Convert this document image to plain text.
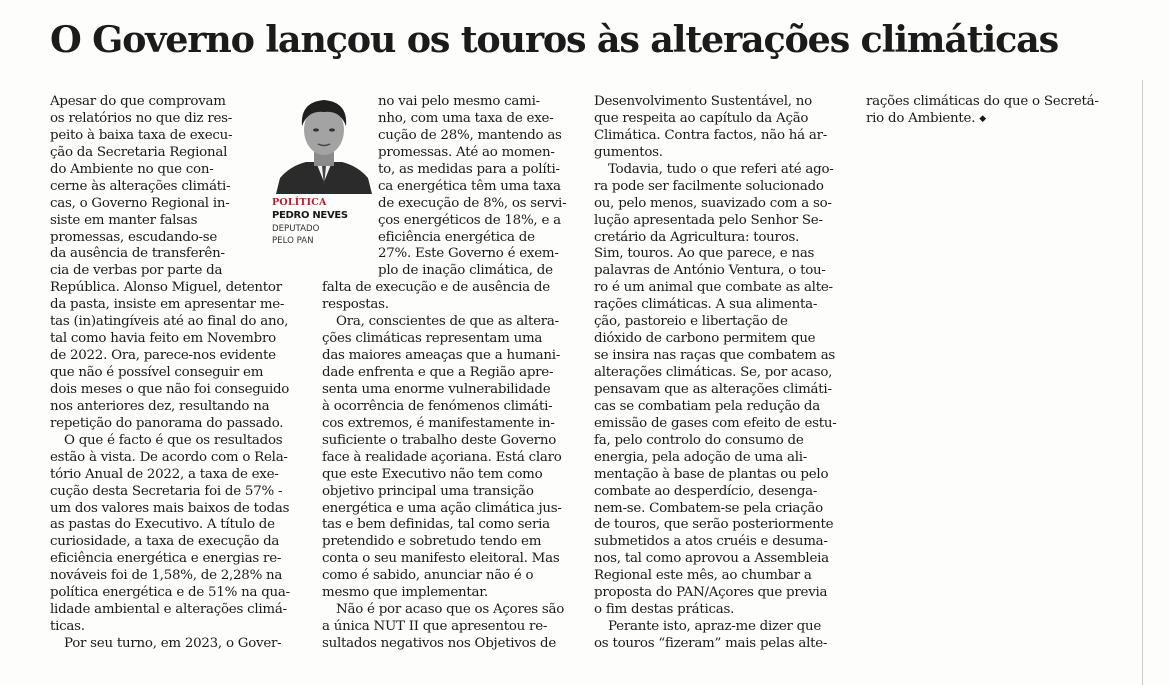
O Governo lançou os touros às alterações climáticas
POLÍTICA
PEDRO NEVES
DEPUTADO
PELO PAN
Apesar do que comprovam
os relatórios no que diz res-
peito à baixa taxa de execu-
ção da Secretaria Regional
do Ambiente no que con-
cerne às alterações climáti-
cas, o Governo Regional in-
siste em manter falsas
promessas, escudando-se
da ausência de transferên-
cia de verbas por parte da
República. Alonso Miguel, detentor
da pasta, insiste em apresentar me-
tas (in)atingíveis até ao final do ano,
tal como havia feito em Novembro
de 2022. Ora, parece-nos evidente
que não é possível conseguir em
dois meses o que não foi conseguido
nos anteriores dez, resultando na
repetição do panorama do passado.
O que é facto é que os resultados
estão à vista. De acordo com o Rela-
tório Anual de 2022, a taxa de exe-
cução desta Secretaria foi de 57% -
um dos valores mais baixos de todas
as pastas do Executivo. A título de
curiosidade, a taxa de execução da
eficiência energética e energias re-
nováveis foi de 1,58%, de 2,28% na
política energética e de 51% na qua-
lidade ambiental e alterações climá-
ticas.
Por seu turno, em 2023, o Gover-
no vai pelo mesmo cami-
nho, com uma taxa de exe-
cução de 28%, mantendo as
promessas. Até ao momen-
to, as medidas para a políti-
ca energética têm uma taxa
de execução de 8%, os servi-
ços energéticos de 18%, e a
eficiência energética de
27%. Este Governo é exem-
plo de inação climática, de
falta de execução e de ausência de
respostas.
Ora, conscientes de que as altera-
ções climáticas representam uma
das maiores ameaças que a humani-
dade enfrenta e que a Região apre-
senta uma enorme vulnerabilidade
à ocorrência de fenómenos climáti-
cos extremos, é manifestamente in-
suficiente o trabalho deste Governo
face à realidade açoriana. Está claro
que este Executivo não tem como
objetivo principal uma transição
energética e uma ação climática jus-
tas e bem definidas, tal como seria
pretendido e sobretudo tendo em
conta o seu manifesto eleitoral. Mas
como é sabido, anunciar não é o
mesmo que implementar.
Não é por acaso que os Açores são
a única NUT II que apresentou re-
sultados negativos nos Objetivos de
Desenvolvimento Sustentável, no
que respeita ao capítulo da Ação
Climática. Contra factos, não há ar-
gumentos.
Todavia, tudo o que referi até ago-
ra pode ser facilmente solucionado
ou, pelo menos, suavizado com a so-
lução apresentada pelo Senhor Se-
cretário da Agricultura: touros.
Sim, touros. Ao que parece, e nas
palavras de António Ventura, o tou-
ro é um animal que combate as alte-
rações climáticas. A sua alimenta-
ção, pastoreio e libertação de
dióxido de carbono permitem que
se insira nas raças que combatem as
alterações climáticas. Se, por acaso,
pensavam que as alterações climáti-
cas se combatiam pela redução da
emissão de gases com efeito de estu-
fa, pelo controlo do consumo de
energia, pela adoção de uma ali-
mentação à base de plantas ou pelo
combate ao desperdício, desenga-
nem-se. Combatem-se pela criação
de touros, que serão posteriormente
submetidos a atos cruéis e desuma-
nos, tal como aprovou a Assembleia
Regional este mês, ao chumbar a
proposta do PAN/Açores que previa
o fim destas práticas.
Perante isto, apraz-me dizer que
os touros “fizeram” mais pelas alte-
rações climáticas do que o Secretá-
rio do Ambiente. ◆
